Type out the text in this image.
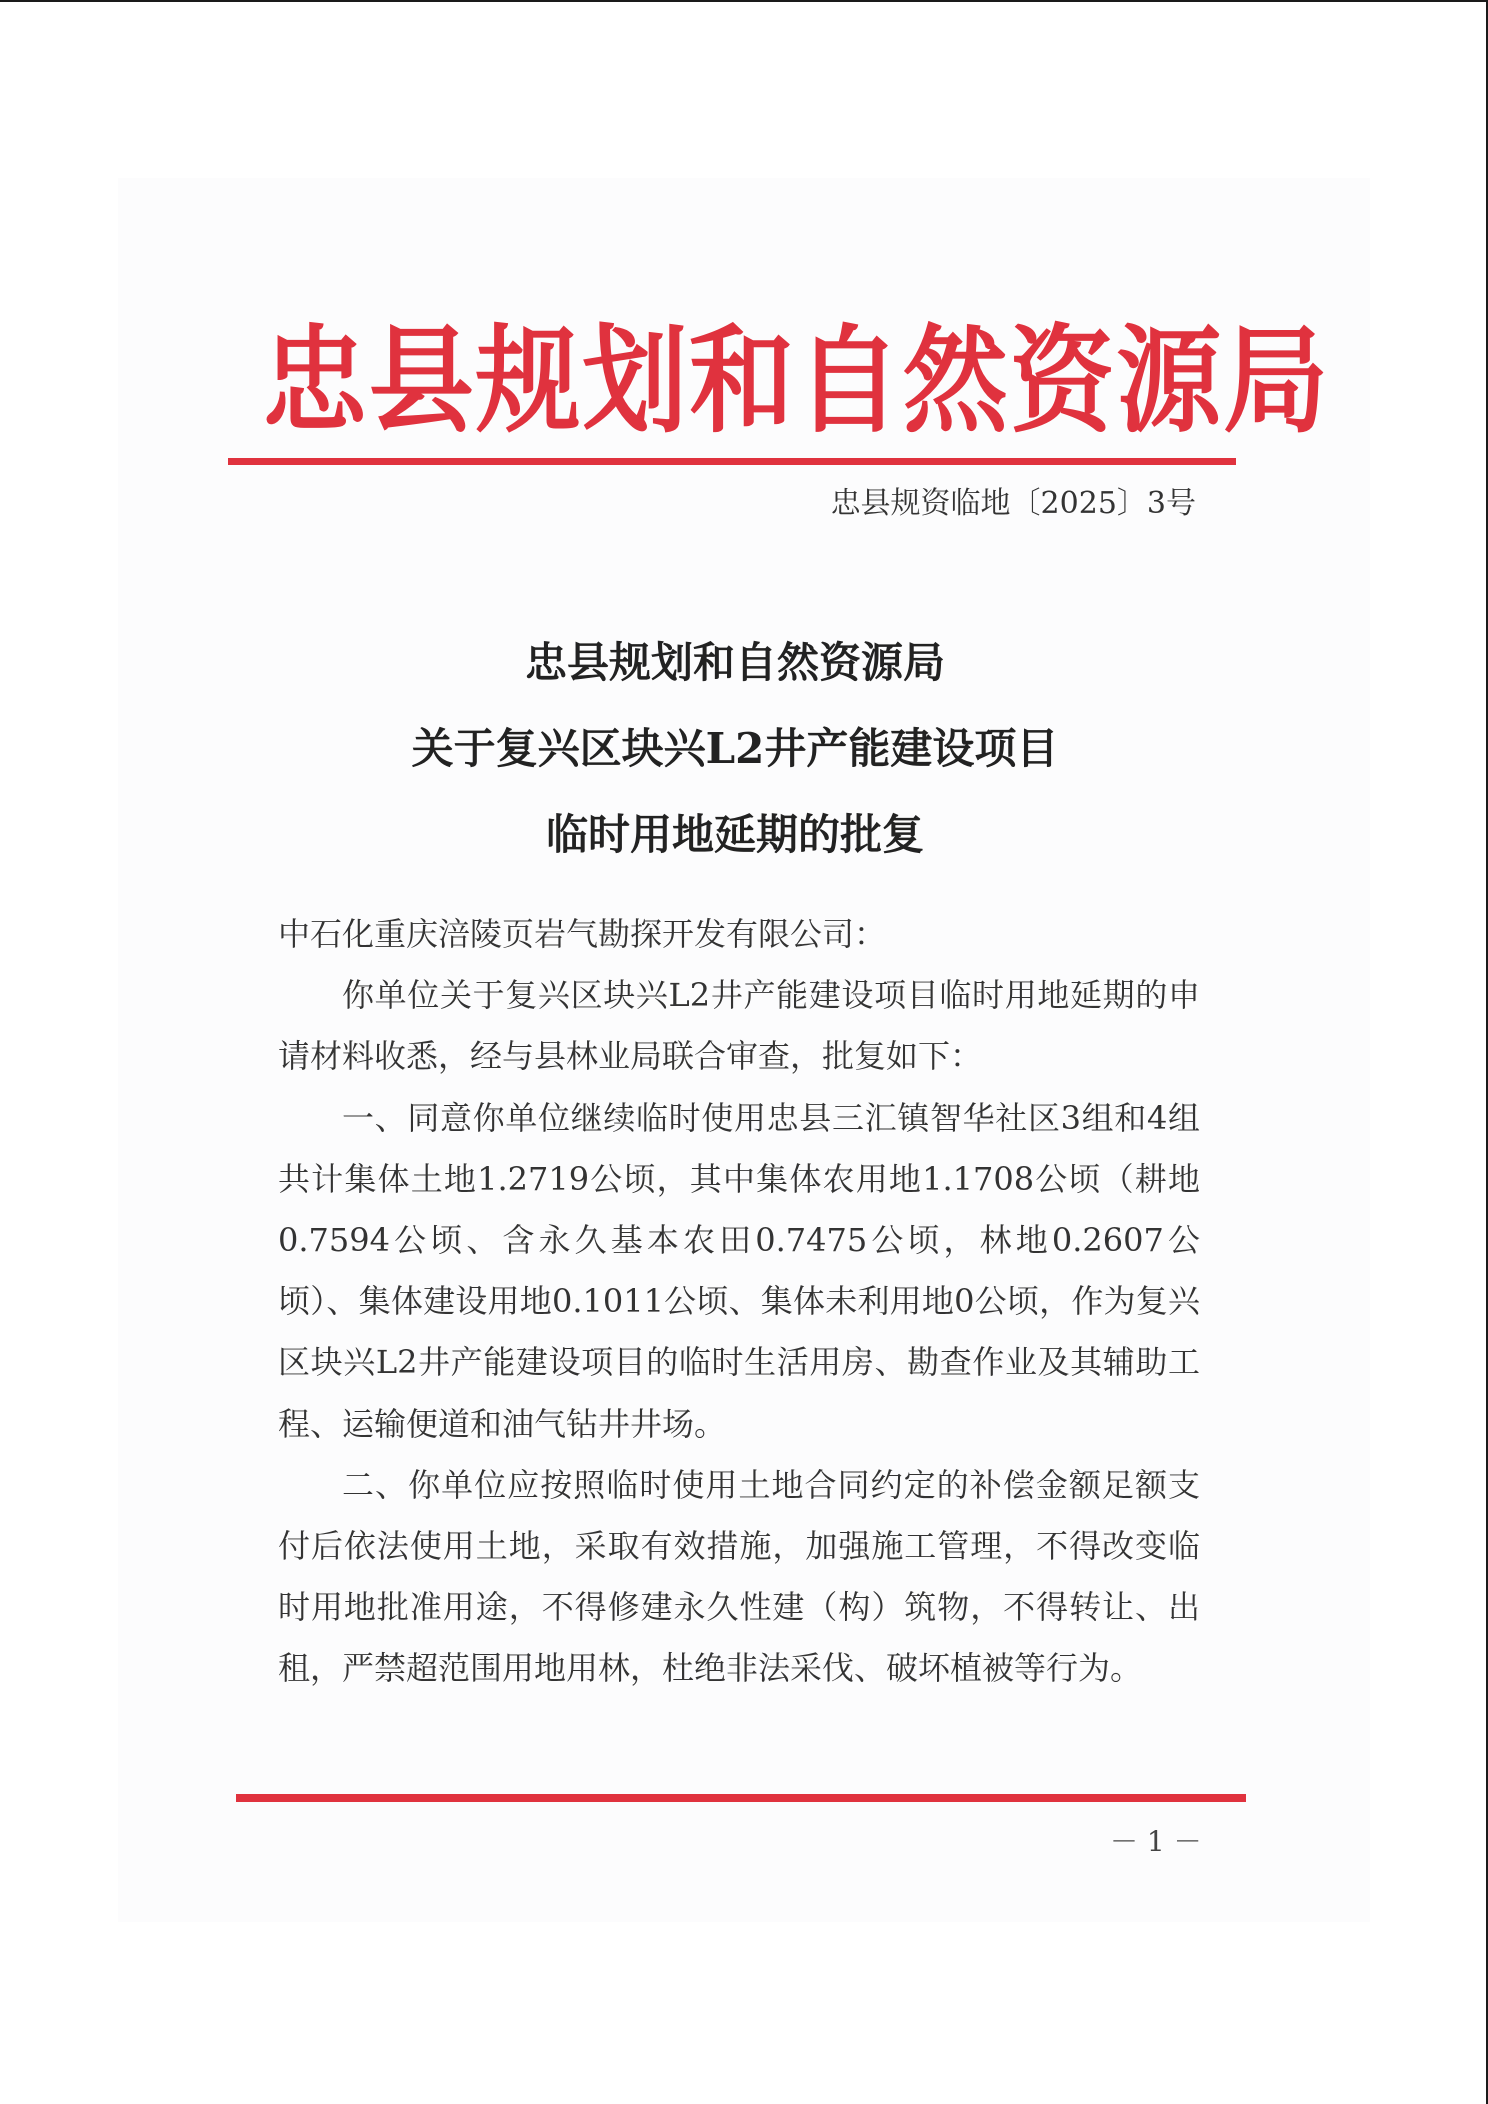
忠县规划和自然资源局
忠县规资临地〔2025〕3号
忠县规划和自然资源局
关于复兴区块兴L2井产能建设项目
临时用地延期的批复

中石化重庆涪陵页岩气勘探开发有限公司：

你单位关于复兴区块兴L2井产能建设项目临时用地延期的申请材料收悉，经与县林业局联合审查，批复如下：

一、同意你单位继续临时使用忠县三汇镇智华社区3组和4组共计集体土地1.2719公顷，其中集体农用地1.1708公顷（耕地0.7594公顷、含永久基本农田0.7475公顷，林地0.2607公顷）、集体建设用地0.1011公顷、集体未利用地0公顷，作为复兴区块兴L2井产能建设项目的临时生活用房、勘查作业及其辅助工程、运输便道和油气钻井井场。

二、你单位应按照临时使用土地合同约定的补偿金额足额支付后依法使用土地，采取有效措施，加强施工管理，不得改变临时用地批准用途，不得修建永久性建（构）筑物，不得转让、出租，严禁超范围用地用林，杜绝非法采伐、破坏植被等行为。

－ 1 －
